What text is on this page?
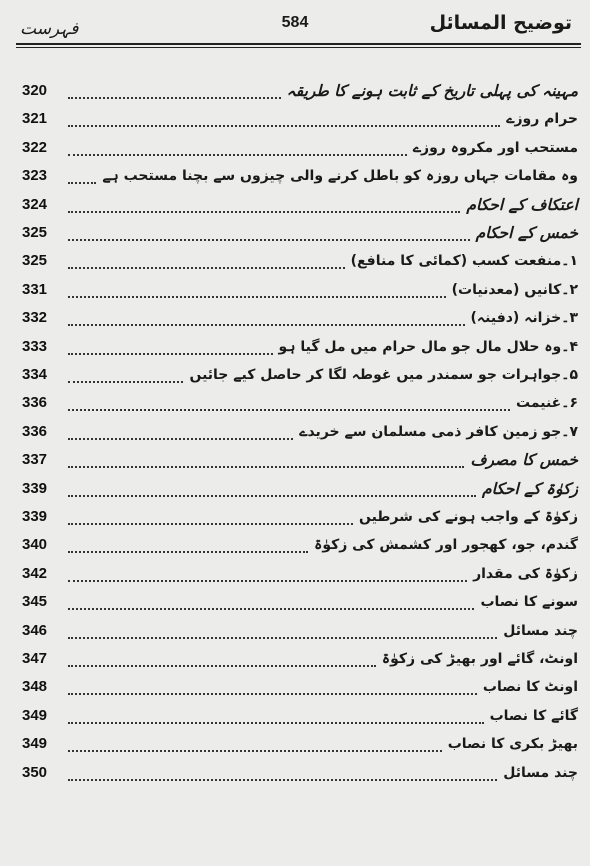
فہرست	584	توضیح المسائل
320	مہینہ کی پہلی تاریخ کے ثابت ہونے کا طریقہ
321	حرام روزے
322	مستحب اور مکروہ روزے
323	وہ مقامات جہاں روزہ کو باطل کرنے والی چیزوں سے بچنا مستحب ہے
324	اعتکاف کے احکام
325	خمس کے احکام
325	۱۔منفعت کسب (کمائی کا منافع)
331	۲۔کانیں (معدنیات)
332	۳۔خزانہ (دفینہ)
333	۴۔وہ حلال مال جو مال حرام میں مل گیا ہو
334	۵۔جواہرات جو سمندر میں غوطہ لگا کر حاصل کیے جائیں
336	۶۔غنیمت
336	۷۔جو زمین کافر ذمی مسلمان سے خریدے
337	خمس کا مصرف
339	زکوٰۃ کے احکام
339	زکوٰۃ کے واجب ہونے کی شرطیں
340	گندم، جو، کھجور اور کشمش کی زکوٰۃ
342	زکوٰۃ کی مقدار
345	سونے کا نصاب
346	چند مسائل
347	اونٹ، گائے اور بھیڑ کی زکوٰۃ
348	اونٹ کا نصاب
349	گائے کا نصاب
349	بھیڑ بکری کا نصاب
350	چند مسائل
